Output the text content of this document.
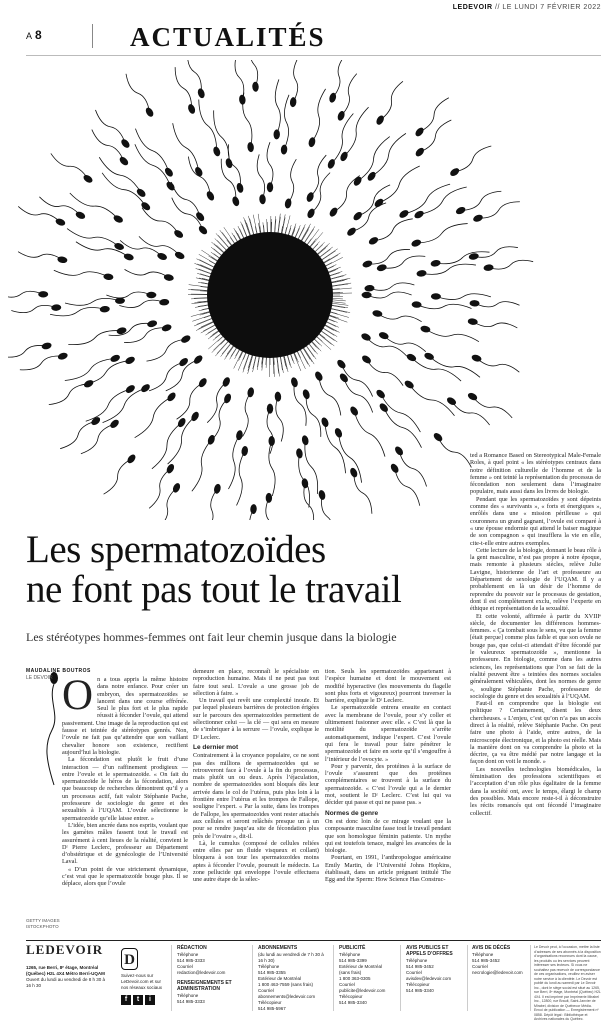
LEDEVOIR // LE LUNDI 7 FÉVRIER 2022
A 8	ACTUALITÉS
Les spermatozoïdes
ne font pas tout le travail
Les stéréotypes hommes-femmes ont fait leur chemin jusque dans la biologie
MAUDALINE BOUTROS
LE DEVOIR
GETTY IMAGES
ISTOCKPHOTO

On a tous appris la même histoire dans notre enfance. Pour créer un embryon, des spermatozoïdes se lancent dans une course effrénée. Seul le plus fort et le plus rapide réussit à féconder l’ovule, qui attend passivement. Une image de la reproduction qui est fausse et teintée de stéréotypes genrés. Non, l’ovule ne fait pas qu’attendre que son vaillant chevalier honore son existence, rectifient aujourd’hui la biologie.

La fécondation est plutôt le fruit d’une interaction — d’un raffinement prodigieux — entre l’ovule et le spermatozoïde. « On fait du spermatozoïde le héros de la fécondation, alors que beaucoup de recherches démontrent qu’il y a un processus actif, fait valoir Stéphanie Pache, professeure de sociologie du genre et des sexualités à l’UQAM. L’ovule sélectionne le spermatozoïde qu’elle laisse entrer. »

L’idée, bien ancrée dans nos esprits, voulant que les gamètes mâles fassent tout le travail est assurément à cent lieues de la réalité, convient le Dʳ Pierre Leclerc, professeur au Département d’obstétrique et de gynécologie de l’Université Laval.

« D’un point de vue strictement dynamique, c’est vrai que le spermatozoïde bouge plus. Il se déplace, alors que l’ovule

demeure en place, reconnaît le spécialiste en reproduction humaine. Mais il ne peut pas tout faire tout seul. L’ovule a une grosse job de sélection à faire. »

Un travail qui revêt une complexité inouïe. Et par lequel plusieurs barrières de protection érigées sur le parcours des spermatozoïdes permettent de sélectionner celui — la clé — qui sera en mesure de s’imbriquer à la serrure — l’ovule, explique le Dʳ Leclerc.

Le dernier mot

Contrairement à la croyance populaire, ce ne sont pas des millions de spermatozoïdes qui se retrouveront face à l’ovule à la fin du processus, mais plutôt un ou deux. Après l’éjaculation, nombre de spermatozoïdes sont bloqués dès leur arrivée dans le col de l’utérus, puis plus loin à la frontière entre l’utérus et les trompes de Fallope, souligne l’expert. « Par la suite, dans les trompes de Fallope, les spermatozoïdes vont rester attachés aux cellules et seront relâchés presque un à un pour se rendre jusqu’au site de fécondation plus près de l’ovaire », dit-il.

Là, le cumulus (composé de cellules reliées entre elles par un fluide visqueux et collant) bloquera à son tour les spermatozoïdes moins aptes à féconder l’ovule, poursuit le médecin. La zone pellucide qui enveloppe l’ovule effectuera une autre étape de la sélec-

tion. Seuls les spermatozoïdes appartenant à l’espèce humaine et dont le mouvement est modifié hyperactive (les mouvements du flagelle sont plus forts et vigoureux) pourront traverser la barrière, explique le Dʳ Leclerc.

Le spermatozoïde entrera ensuite en contact avec la membrane de l’ovule, pour s’y coller et ultimement fusionner avec elle. « C’est là que la motilité du spermatozoïde s’arrête automatiquement, indique l’expert. C’est l’ovule qui fera le travail pour faire pénétrer le spermatozoïde et faire en sorte qu’il s’engouffre à l’intérieur de l’ovocyte. »

Pour y parvenir, des protéines à la surface de l’ovule s’assurent que des protéines complémentaires se trouvent à la surface du spermatozoïde. « C’est l’ovule qui a le dernier mot, soutient le Dʳ Leclerc. C’est lui qui va décider qui passe et qui ne passe pas. »

Normes de genre

On est donc loin de ce mirage voulant que la composante masculine fasse tout le travail pendant que son homologue féminin patiente. Un mythe qui est toutefois tenace, malgré les avancées de la biologie.

Pourtant, en 1991, l’anthropologue américaine Emily Martin, de l’Université Johns Hopkins, établissait, dans un article prégnant intitulé The Egg and the Sperm: How Science Has Construc-

ted a Romance Based on Stereotypical Male-Female Roles, à quel point « les stéréotypes centraux dans notre définition culturelle de l’homme et de la femme » ont teinté la représentation du processus de fécondation non seulement dans l’imaginaire populaire, mais aussi dans les livres de biologie.

Pendant que les spermatozoïdes y sont dépeints comme des « survivants », « forts et énergiques », enrôlés dans une « mission périlleuse » qui couronnera un grand gagnant, l’ovule est comparé à « une épouse endormie qui attend le baiser magique de son compagnon » qui insufflera la vie en elle, cite-t-elle entre autres exemples.

Cette lecture de la biologie, donnant le beau rôle à la gent masculine, n’est pas propre à notre époque, mais remonte à plusieurs siècles, relève Julie Lavigne, historienne de l’art et professeure au Département de sexologie de l’UQAM. Il y a probablement en là un désir de l’homme de reprendre du pouvoir sur le processus de gestation, dont il est complètement exclu, relève l’experte en éthique et représentation de la sexualité.

Et cette volonté, affirmée à partir du XVIIIᵉ siècle, de documenter les différences hommes-femmes. « Ça tombait sous le sens, vu que la femme [était perçue] comme plus faible et que son ovule ne bouge pas, que celui-ci attendait d’être fécondé par le valeureux spermatozoïde », mentionne la professeure. En biologie, comme dans les autres sciences, les représentations que l’on se fait de la réalité peuvent être « teintées des normes sociales généralement véhiculées, dont les normes de genre », souligne Stéphanie Pache, professeure de sociologie du genre et des sexualités à l’UQAM.

Faut-il en comprendre que la biologie est politique ? Certainement, disent les deux chercheuses. « L’enjeu, c’est qu’on n’a pas un accès direct à la réalité, relève Stéphanie Pache. On peut faire une photo à l’aide, entre autres, de la microscopie électronique, et la photo est réelle. Mais la manière dont on va comprendre la photo et la décrire, ça va être médié par notre langage et la façon dont on voit le monde. »

Les nouvelles technologies biomédicales, la féminisation des professions scientifiques et l’acceptation d’un rôle plus égalitaire de la femme dans la société ont, avec le temps, élargi le champ des possibles. Mais encore reste-t-il à déconstruire les récits romancés qui ont fécondé l’imaginaire collectif.

LEDEVOIR
1265, rue Berri, 8ᵉ étage, Montréal (Québec) H2L 4X4 Métro Berri-UQAM
Ouvert du lundi au vendredi de 8 h 30 à 16 h 30
D
Suivez-nous sur LeDevoir.com et sur nos réseaux sociaux
f	t	i
RÉDACTION
Téléphone
514 985-3333
Courriel
redaction@ledevoir.com
RENSEIGNEMENTS ET ADMINISTRATION
Téléphone
514 985-3333
ABONNEMENTS
(du lundi au vendredi de 7 h 30 à 16 h 30)
Téléphone
514 985-3355
Extérieur de Montréal
1 800 463-7559 (sans frais)
Courriel
abonnements@ledevoir.com
Télécopieur
514 985-5967
PUBLICITÉ
Téléphone
514 985-3399
Extérieur de Montréal
(sans frais)
1 800 363-0305
Courriel
publicite@ledevoir.com
Télécopieur
514 985-3340
AVIS PUBLICS ET APPELS D’OFFRES
Téléphone
514 985-3452
Courriel
avisdev@ledevoir.com
Télécopieur
514 985-3340
AVIS DE DÉCÈS
Téléphone
514 985-3452
Courriel
necrologie@ledevoir.com
Le Devoir peut, à l’occasion, mettre la liste d’adresses de ses abonnés à la disposition d’organisations reconnues dont la cause, les produits ou les services peuvent intéresser ses lecteurs. Si vous ne souhaitez pas recevoir de correspondance de ces organisations, veuillez en aviser notre service à la clientèle. Le Devoir est publié du lundi au samedi par Le Devoir Inc., dont le siège social est situé au 1265, rue Berri, 8ᵉ étage, Montréal (Québec) H2L 4X4. Il est imprimé par Imprimerie Mirabel Inc., 12800, rue Brault, Saint-Janvier de Mirabel, division de Québecor Média. Envoi de publication — Enregistrement nº 0858. Dépôt légal : Bibliothèque et Archives nationales du Québec.
